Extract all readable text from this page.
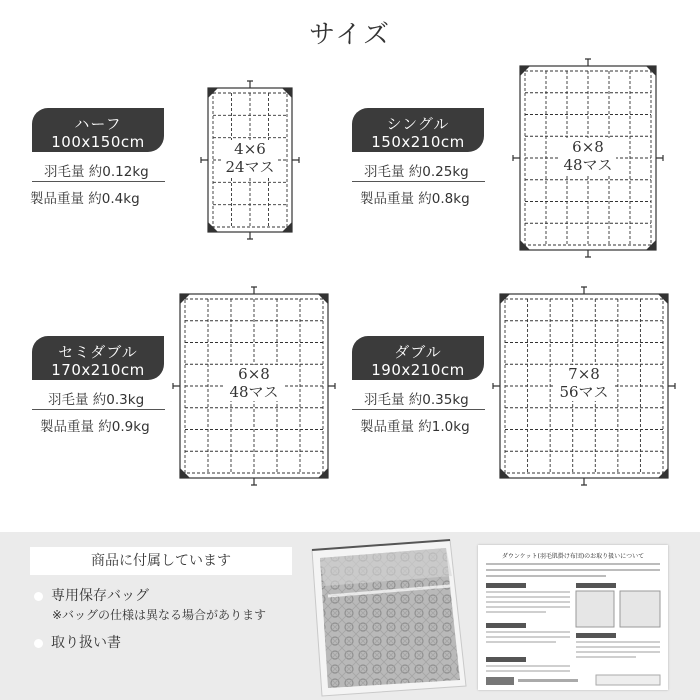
サイズ
ハーフ
100x150cm
羽毛量 約0.12kg
製品重量 約0.4kg
4×6
24マス
シングル
150x210cm
羽毛量 約0.25kg
製品重量 約0.8kg
6×8
48マス
セミダブル
170x210cm
羽毛量 約0.3kg
製品重量 約0.9kg
6×8
48マス
ダブル
190x210cm
羽毛量 約0.35kg
製品重量 約1.0kg
7×8
56マス
商品に付属しています
専用保存バッグ
※バッグの仕様は異なる場合があります
取り扱い書
ダウンケット(羽毛肌掛け布団)のお取り扱いについて
